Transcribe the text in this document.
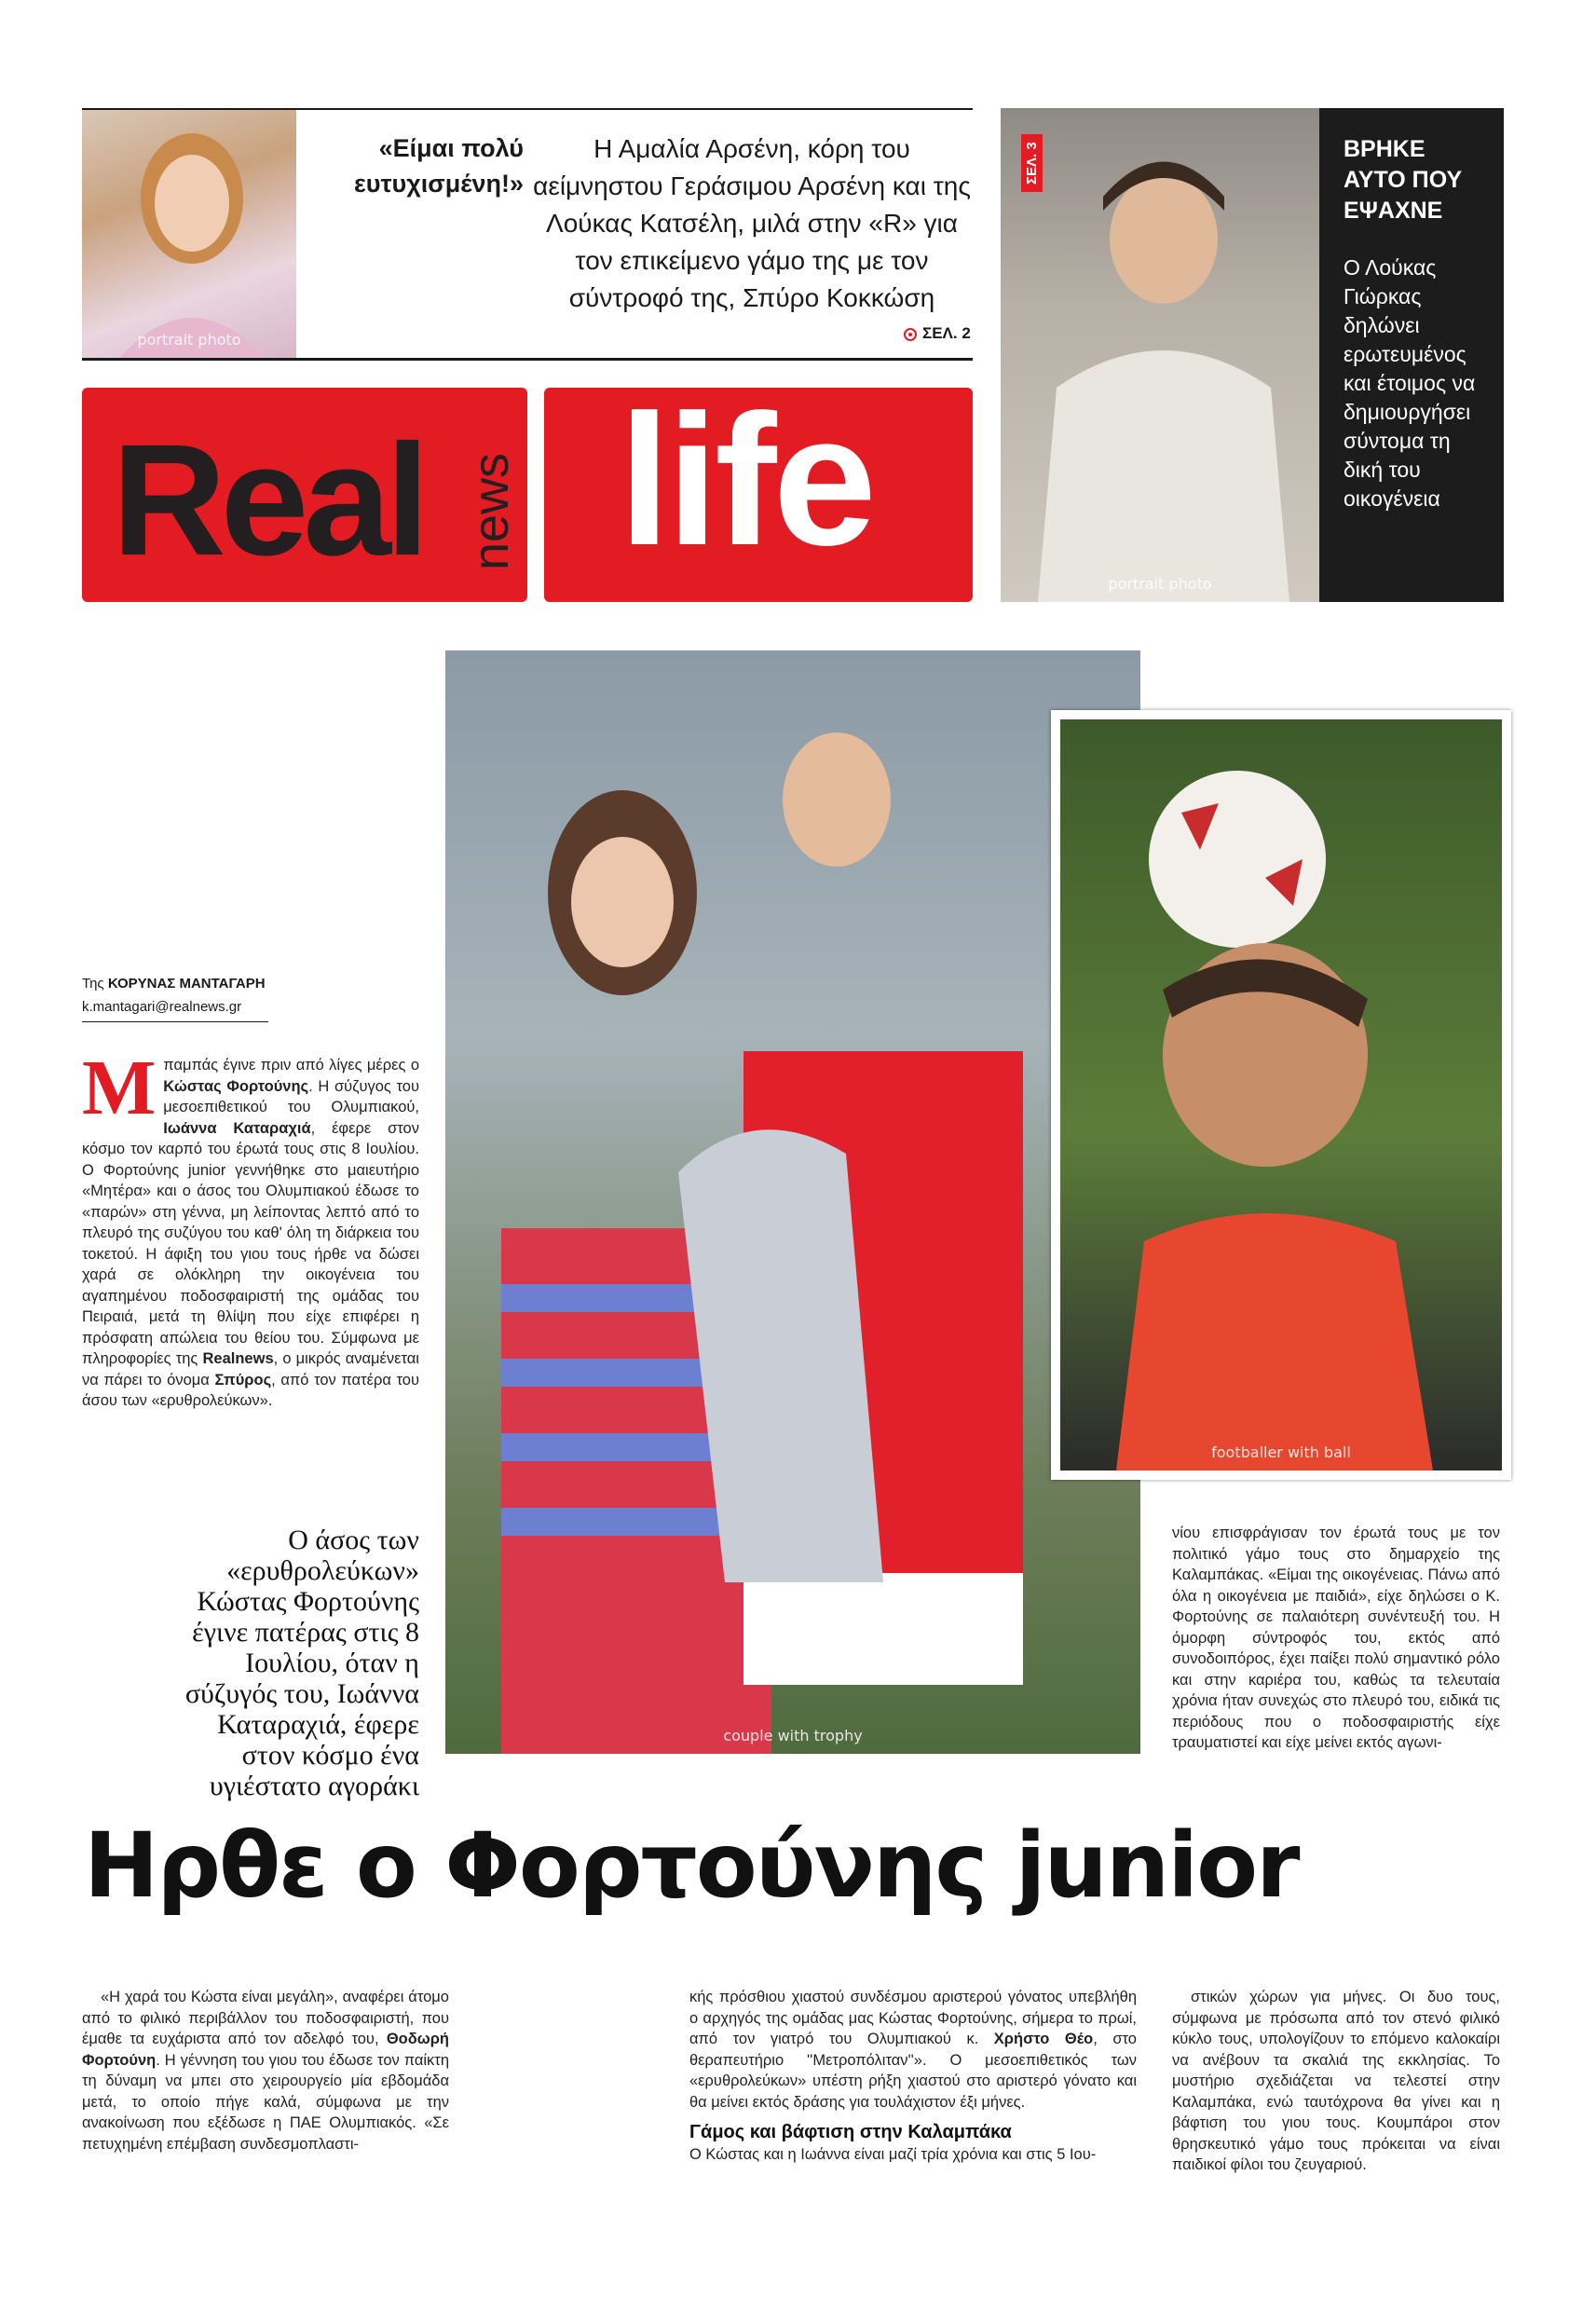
portrait photo
«Είμαι πολύ ευτυχισμένη!»
Η Αμαλία Αρσένη, κόρη του αείμνηστου Γεράσιμου Αρσένη και της Λούκας Κατσέλη, μιλά στην «R» για τον επικείμενο γάμο της με τον σύντροφό της, Σπύρο Κοκκώση
ΣΕΛ. 2
Real news life	portrait photo
ΣΕΛ. 3	ΒΡΗΚΕ ΑΥΤΟ ΠΟΥ ΕΨΑΧΝΕ
Ο Λούκας Γιώρκας δηλώνει ερωτευμένος και έτοιμος να δημιουργήσει σύντομα τη δική του οικογένεια
couple with trophy
footballer with ball
Της ΚΟΡΥΝΑΣ ΜΑΝΤΑΓΑΡΗ
k.mantagari@realnews.gr
Μπαμπάς έγινε πριν από λίγες μέρες ο Κώστας Φορτούνης. Η σύζυγος του μεσοεπιθετικού του Ολυμπιακού, Ιωάννα Καταραχιά, έφερε στον κόσμο τον καρπό του έρωτά τους στις 8 Ιουλίου. Ο Φορτούνης junior γεννήθηκε στο μαιευτήριο «Μητέρα» και ο άσος του Ολυμπιακού έδωσε το «παρών» στη γέννα, μη λείποντας λεπτό από το πλευρό της συζύγου του καθ' όλη τη διάρκεια του τοκετού. Η άφιξη του γιου τους ήρθε να δώσει χαρά σε ολόκληρη την οικογένεια του αγαπημένου ποδοσφαιριστή της ομάδας του Πειραιά, μετά τη θλίψη που είχε επιφέρει η πρόσφατη απώλεια του θείου του. Σύμφωνα με πληροφορίες της Realnews, ο μικρός αναμένεται να πάρει το όνομα Σπύρος, από τον πατέρα του άσου των «ερυθρολεύκων».
Ο άσος των «ερυθρολεύκων» Κώστας Φορτούνης έγινε πατέρας στις 8 Ιουλίου, όταν η σύζυγός του, Ιωάννα Καταραχιά, έφερε στον κόσμο ένα υγιέστατο αγοράκι
νίου επισφράγισαν τον έρωτά τους με τον πολιτικό γάμο τους στο δημαρχείο της Καλαμπάκας. «Είμαι της οικογένειας. Πάνω από όλα η οικογένεια με παιδιά», είχε δηλώσει ο Κ. Φορτούνης σε παλαιότερη συνέντευξή του. Η όμορφη σύντροφός του, εκτός από συνοδοιπόρος, έχει παίξει πολύ σημαντικό ρόλο και στην καριέρα του, καθώς τα τελευταία χρόνια ήταν συνεχώς στο πλευρό του, ειδικά τις περιόδους που ο ποδοσφαιριστής είχε τραυματιστεί και είχε μείνει εκτός αγωνι-
Ηρθε ο Φορτούνης junior
«Η χαρά του Κώστα είναι μεγάλη», αναφέρει άτομο από το φιλικό περιβάλλον του ποδοσφαιριστή, που έμαθε τα ευχάριστα από τον αδελφό του, Θοδωρή Φορτούνη. Η γέννηση του γιου του έδωσε τον παίκτη τη δύναμη να μπει στο χειρουργείο μία εβδομάδα μετά, το οποίο πήγε καλά, σύμφωνα με την ανακοίνωση που εξέδωσε η ΠΑΕ Ολυμπιακός. «Σε πετυχημένη επέμβαση συνδεσμοπλαστι-
κής πρόσθιου χιαστού συνδέσμου αριστερού γόνατος υπεβλήθη ο αρχηγός της ομάδας μας Κώστας Φορτούνης, σήμερα το πρωί, από τον γιατρό του Ολυμπιακού κ. Χρήστο Θέο, στο θεραπευτήριο ''Μετροπόλιταν''». Ο μεσοεπιθετικός των «ερυθρολεύκων» υπέστη ρήξη χιαστού στο αριστερό γόνατο και θα μείνει εκτός δράσης για τουλάχιστον έξι μήνες.
Γάμος και βάφτιση στην Καλαμπάκα
Ο Κώστας και η Ιωάννα είναι μαζί τρία χρόνια και στις 5 Ιου-
στικών χώρων για μήνες. Οι δυο τους, σύμφωνα με πρόσωπα από τον στενό φιλικό κύκλο τους, υπολογίζουν το επόμενο καλοκαίρι να ανέβουν τα σκαλιά της εκκλησίας. Το μυστήριο σχεδιάζεται να τελεστεί στην Καλαμπάκα, ενώ ταυτόχρονα θα γίνει και η βάφτιση του γιου τους. Κουμπάροι στον θρησκευτικό γάμο τους πρόκειται να είναι παιδικοί φίλοι του ζευγαριού.
